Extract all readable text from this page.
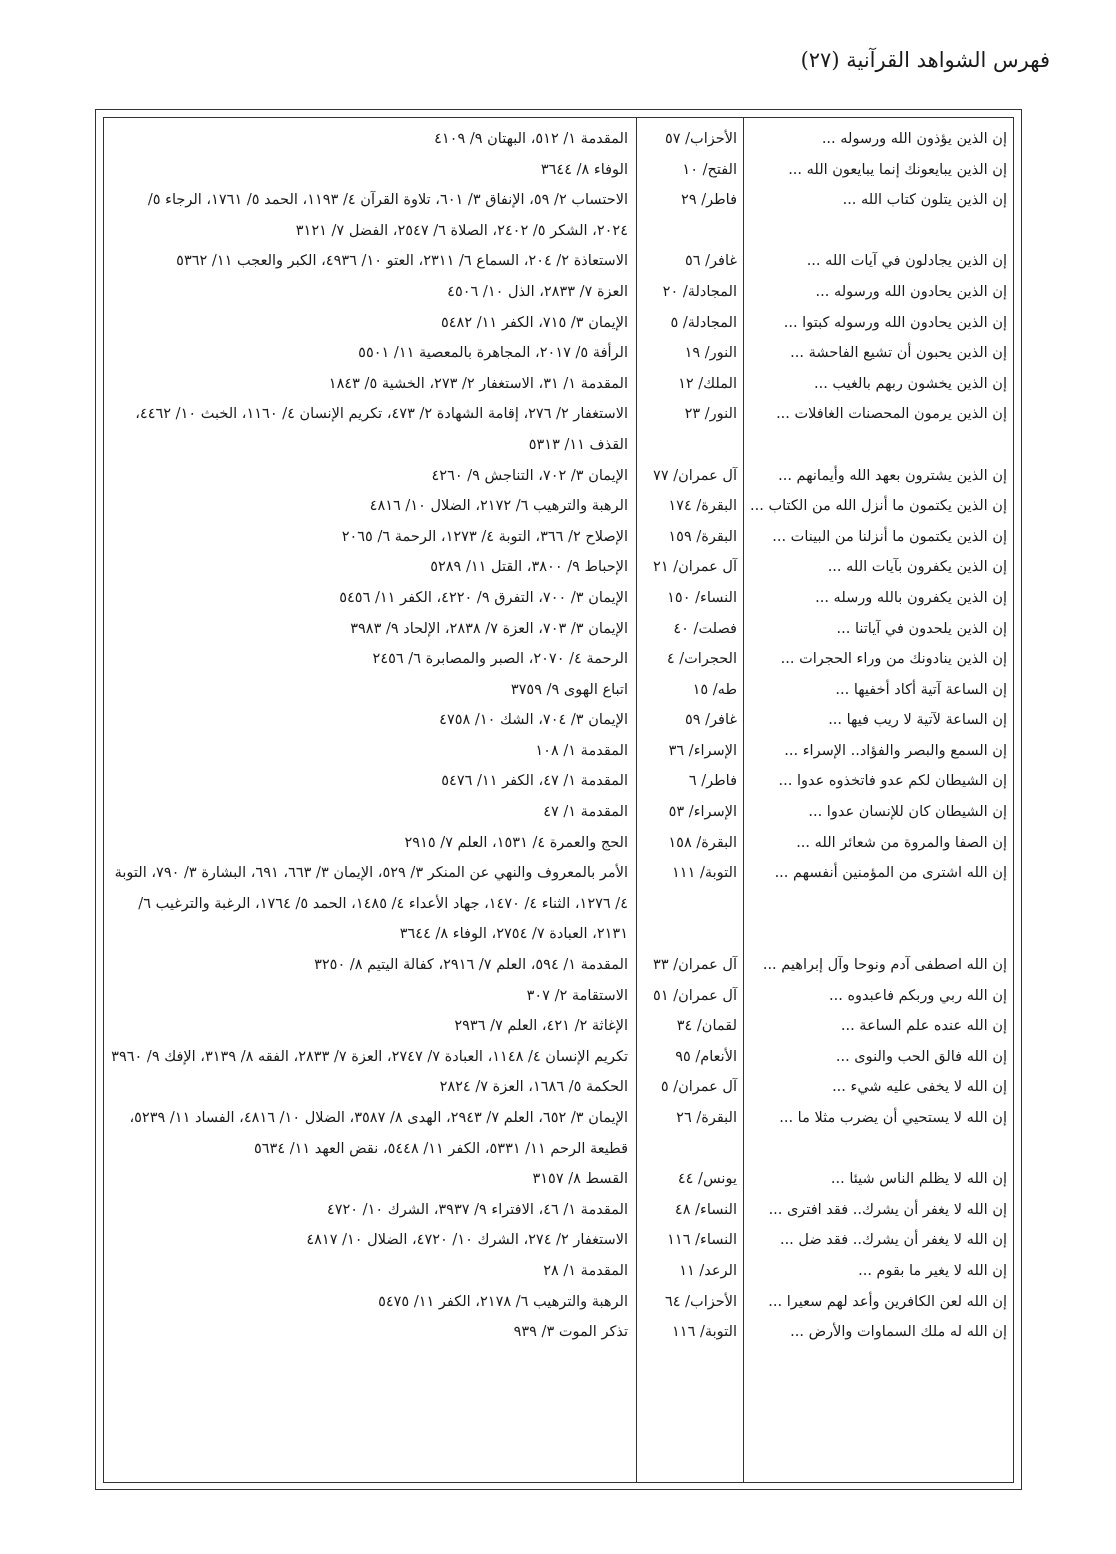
فهرس الشواهد القرآنية (٢٧)
إن الذين يؤذون الله ورسوله ...
الأحزاب/ ٥٧
المقدمة ١/ ٥١٢، البهتان ٩/ ٤١٠٩
إن الذين يبايعونك إنما يبايعون الله ...
الفتح/ ١٠
الوفاء ٨/ ٣٦٤٤
إن الذين يتلون كتاب الله ...
فاطر/ ٢٩
الاحتساب ٢/ ٥٩، الإنفاق ٣/ ٦٠١، تلاوة القرآن ٤/ ١١٩٣، الحمد ٥/ ١٧٦١، الرجاء ٥/ ٢٠٢٤، الشكر ٥/ ٢٤٠٢، الصلاة ٦/ ٢٥٤٧، الفضل ٧/ ٣١٢١
إن الذين يجادلون في آيات الله ...
غافر/ ٥٦
الاستعاذة ٢/ ٢٠٤، السماع ٦/ ٢٣١١، العتو ١٠/ ٤٩٣٦، الكبر والعجب ١١/ ٥٣٦٢
إن الذين يحادون الله ورسوله ...
المجادلة/ ٢٠
العزة ٧/ ٢٨٣٣، الذل ١٠/ ٤٥٠٦
إن الذين يحادون الله ورسوله كبتوا ...
المجادلة/ ٥
الإيمان ٣/ ٧١٥، الكفر ١١/ ٥٤٨٢
إن الذين يحبون أن تشيع الفاحشة ...
النور/ ١٩
الرأفة ٥/ ٢٠١٧، المجاهرة بالمعصية ١١/ ٥٥٠١
إن الذين يخشون ربهم بالغيب ...
الملك/ ١٢
المقدمة ١/ ٣١، الاستغفار ٢/ ٢٧٣، الخشية ٥/ ١٨٤٣
إن الذين يرمون المحصنات الغافلات ...
النور/ ٢٣
الاستغفار ٢/ ٢٧٦، إقامة الشهادة ٢/ ٤٧٣، تكريم الإنسان ٤/ ١١٦٠، الخبث ١٠/ ٤٤٦٢، القذف ١١/ ٥٣١٣
إن الذين يشترون بعهد الله وأيمانهم ...
آل عمران/ ٧٧
الإيمان ٣/ ٧٠٢، التناجش ٩/ ٤٢٦٠
إن الذين يكتمون ما أنزل الله من الكتاب ...
البقرة/ ١٧٤
الرهبة والترهيب ٦/ ٢١٧٢، الضلال ١٠/ ٤٨١٦
إن الذين يكتمون ما أنزلنا من البينات ...
البقرة/ ١٥٩
الإصلاح ٢/ ٣٦٦، التوبة ٤/ ١٢٧٣، الرحمة ٦/ ٢٠٦٥
إن الذين يكفرون بآيات الله ...
آل عمران/ ٢١
الإحباط ٩/ ٣٨٠٠، القتل ١١/ ٥٢٨٩
إن الذين يكفرون بالله ورسله ...
النساء/ ١٥٠
الإيمان ٣/ ٧٠٠، التفرق ٩/ ٤٢٢٠، الكفر ١١/ ٥٤٥٦
إن الذين يلحدون في آياتنا ...
فصلت/ ٤٠
الإيمان ٣/ ٧٠٣، العزة ٧/ ٢٨٣٨، الإلحاد ٩/ ٣٩٨٣
إن الذين ينادونك من وراء الحجرات ...
الحجرات/ ٤
الرحمة ٤/ ٢٠٧٠، الصبر والمصابرة ٦/ ٢٤٥٦
إن الساعة آتية أكاد أخفيها ...
طه/ ١٥
اتباع الهوى ٩/ ٣٧٥٩
إن الساعة لآتية لا ريب فيها ...
غافر/ ٥٩
الإيمان ٣/ ٧٠٤، الشك ١٠/ ٤٧٥٨
إن السمع والبصر والفؤاد.. الإسراء ...
الإسراء/ ٣٦
المقدمة ١/ ١٠٨
إن الشيطان لكم عدو فاتخذوه عدوا ...
فاطر/ ٦
المقدمة ١/ ٤٧، الكفر ١١/ ٥٤٧٦
إن الشيطان كان للإنسان عدوا ...
الإسراء/ ٥٣
المقدمة ١/ ٤٧
إن الصفا والمروة من شعائر الله ...
البقرة/ ١٥٨
الحج والعمرة ٤/ ١٥٣١، العلم ٧/ ٢٩١٥
إن الله اشترى من المؤمنين أنفسهم ...
التوبة/ ١١١
الأمر بالمعروف والنهي عن المنكر ٣/ ٥٢٩، الإيمان ٣/ ٦٦٣، ٦٩١، البشارة ٣/ ٧٩٠، التوبة ٤/ ١٢٧٦، الثناء ٤/ ١٤٧٠، جهاد الأعداء ٤/ ١٤٨٥، الحمد ٥/ ١٧٦٤، الرغبة والترغيب ٦/ ٢١٣١، العبادة ٧/ ٢٧٥٤، الوفاء ٨/ ٣٦٤٤
إن الله اصطفى آدم ونوحا وآل إبراهيم ...
آل عمران/ ٣٣
المقدمة ١/ ٥٩٤، العلم ٧/ ٢٩١٦، كفالة اليتيم ٨/ ٣٢٥٠
إن الله ربي وربكم فاعبدوه ...
آل عمران/ ٥١
الاستقامة ٢/ ٣٠٧
إن الله عنده علم الساعة ...
لقمان/ ٣٤
الإغاثة ٢/ ٤٢١، العلم ٧/ ٢٩٣٦
إن الله فالق الحب والنوى ...
الأنعام/ ٩٥
تكريم الإنسان ٤/ ١١٤٨، العبادة ٧/ ٢٧٤٧، العزة ٧/ ٢٨٣٣، الفقه ٨/ ٣١٣٩، الإفك ٩/ ٣٩٦٠
إن الله لا يخفى عليه شيء ...
آل عمران/ ٥
الحكمة ٥/ ١٦٨٦، العزة ٧/ ٢٨٢٤
إن الله لا يستحيي أن يضرب مثلا ما ...
البقرة/ ٢٦
الإيمان ٣/ ٦٥٢، العلم ٧/ ٢٩٤٣، الهدى ٨/ ٣٥٨٧، الضلال ١٠/ ٤٨١٦، الفساد ١١/ ٥٢٣٩، قطيعة الرحم ١١/ ٥٣٣١، الكفر ١١/ ٥٤٤٨، نقض العهد ١١/ ٥٦٣٤
إن الله لا يظلم الناس شيئا ...
يونس/ ٤٤
القسط ٨/ ٣١٥٧
إن الله لا يغفر أن يشرك.. فقد افترى ...
النساء/ ٤٨
المقدمة ١/ ٤٦، الافتراء ٩/ ٣٩٣٧، الشرك ١٠/ ٤٧٢٠
إن الله لا يغفر أن يشرك.. فقد ضل ...
النساء/ ١١٦
الاستغفار ٢/ ٢٧٤، الشرك ١٠/ ٤٧٢٠، الضلال ١٠/ ٤٨١٧
إن الله لا يغير ما بقوم ...
الرعد/ ١١
المقدمة ١/ ٢٨
إن الله لعن الكافرين وأعد لهم سعيرا ...
الأحزاب/ ٦٤
الرهبة والترهيب ٦/ ٢١٧٨، الكفر ١١/ ٥٤٧٥
إن الله له ملك السماوات والأرض ...
التوبة/ ١١٦
تذكر الموت ٣/ ٩٣٩
